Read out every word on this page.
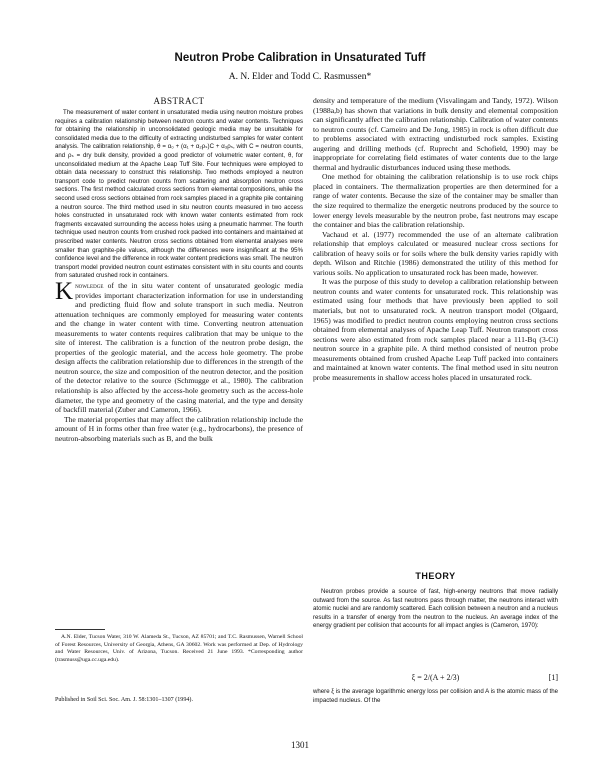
Neutron Probe Calibration in Unsaturated Tuff
A. N. Elder and Todd C. Rasmussen*
ABSTRACT

The measurement of water content in unsaturated media using neutron moisture probes requires a calibration relationship between neutron counts and water contents. Techniques for obtaining the relationship in unconsolidated geologic media may be unsuitable for consolidated media due to the difficulty of extracting undisturbed samples for water content analysis. The calibration relationship, θ = α₀ + (α₁ + α₂ρₛ)C + α₃ρₛ, with C = neutron counts, and ρₛ = dry bulk density, provided a good predictor of volumetric water content, θ, for unconsolidated medium at the Apache Leap Tuff Site. Four techniques were employed to obtain data necessary to construct this relationship. Two methods employed a neutron transport code to predict neutron counts from scattering and absorption neutron cross sections. The first method calculated cross sections from elemental compositions, while the second used cross sections obtained from rock samples placed in a graphite pile containing a neutron source. The third method used in situ neutron counts measured in two access holes constructed in unsaturated rock with known water contents estimated from rock fragments excavated surrounding the access holes using a pneumatic hammer. The fourth technique used neutron counts from crushed rock packed into containers and maintained at prescribed water contents. Neutron cross sections obtained from elemental analyses were smaller than graphite-pile values, although the differences were insignificant at the 95% confidence level and the difference in rock water content predictions was small. The neutron transport model provided neutron count estimates consistent with in situ counts and counts from saturated crushed rock in containers.

Knowledge of the in situ water content of unsaturated geologic media provides important characterization information for use in understanding and predicting fluid flow and solute transport in such media. Neutron attenuation techniques are commonly employed for measuring water contents and the change in water content with time. Converting neutron attenuation measurements to water contents requires calibration that may be unique to the site of interest. The calibration is a function of the neutron probe design, the properties of the geologic material, and the access hole geometry. The probe design affects the calibration relationship due to differences in the strength of the neutron source, the size and composition of the neutron detector, and the position of the detector relative to the source (Schmugge et al., 1980). The calibration relationship is also affected by the access-hole geometry such as the access-hole diameter, the type and geometry of the casing material, and the type and density of backfill material (Zuber and Cameron, 1966).

The material properties that may affect the calibration relationship include the amount of H in forms other than free water (e.g., hydrocarbons), the presence of neutron-absorbing materials such as B, and the bulk

A.N. Elder, Tucson Water, 310 W. Alameda St., Tucson, AZ 85701; and T.C. Rasmussen, Warnell School of Forest Resources, University of Georgia, Athens, GA 30602. Work was performed at Dep. of Hydrology and Water Resources, Univ. of Arizona, Tucson. Received 21 June 1993. *Corresponding author (trasmuss@uga.cc.uga.edu).

Published in Soil Sci. Soc. Am. J. 58:1301–1307 (1994).

density and temperature of the medium (Visvalingam and Tandy, 1972). Wilson (1988a,b) has shown that variations in bulk density and elemental composition can significantly affect the calibration relationship. Calibration of water contents to neutron counts (cf. Carneiro and De Jong, 1985) in rock is often difficult due to problems associated with extracting undisturbed rock samples. Existing augering and drilling methods (cf. Ruprecht and Schofield, 1990) may be inappropriate for correlating field estimates of water contents due to the large thermal and hydraulic disturbances induced using these methods.

One method for obtaining the calibration relationship is to use rock chips placed in containers. The thermalization properties are then determined for a range of water contents. Because the size of the container may be smaller than the size required to thermalize the energetic neutrons produced by the source to lower energy levels measurable by the neutron probe, fast neutrons may escape the container and bias the calibration relationship.

Vachaud et al. (1977) recommended the use of an alternate calibration relationship that employs calculated or measured nuclear cross sections for calibration of heavy soils or for soils where the bulk density varies rapidly with depth. Wilson and Ritchie (1986) demonstrated the utility of this method for various soils. No application to unsaturated rock has been made, however.

It was the purpose of this study to develop a calibration relationship between neutron counts and water contents for unsaturated rock. This relationship was estimated using four methods that have previously been applied to soil materials, but not to unsaturated rock. A neutron transport model (Olgaard, 1965) was modified to predict neutron counts employing neutron cross sections obtained from elemental analyses of Apache Leap Tuff. Neutron transport cross sections were also estimated from rock samples placed near a 111-Bq (3-Ci) neutron source in a graphite pile. A third method consisted of neutron probe measurements obtained from crushed Apache Leap Tuff packed into containers and maintained at known water contents. The final method used in situ neutron probe measurements in shallow access holes placed in unsaturated rock.

THEORY

Neutron probes provide a source of fast, high-energy neutrons that move radially outward from the source. As fast neutrons pass through matter, the neutrons interact with atomic nuclei and are randomly scattered. Each collision between a neutron and a nucleus results in a transfer of energy from the neutron to the nucleus. An average index of the energy gradient per collision that accounts for all impact angles is (Cameron, 1970):

ξ = 2/(A + 2/3)	[1]

where ξ is the average logarithmic energy loss per collision and A is the atomic mass of the impacted nucleus. Of the

1301
